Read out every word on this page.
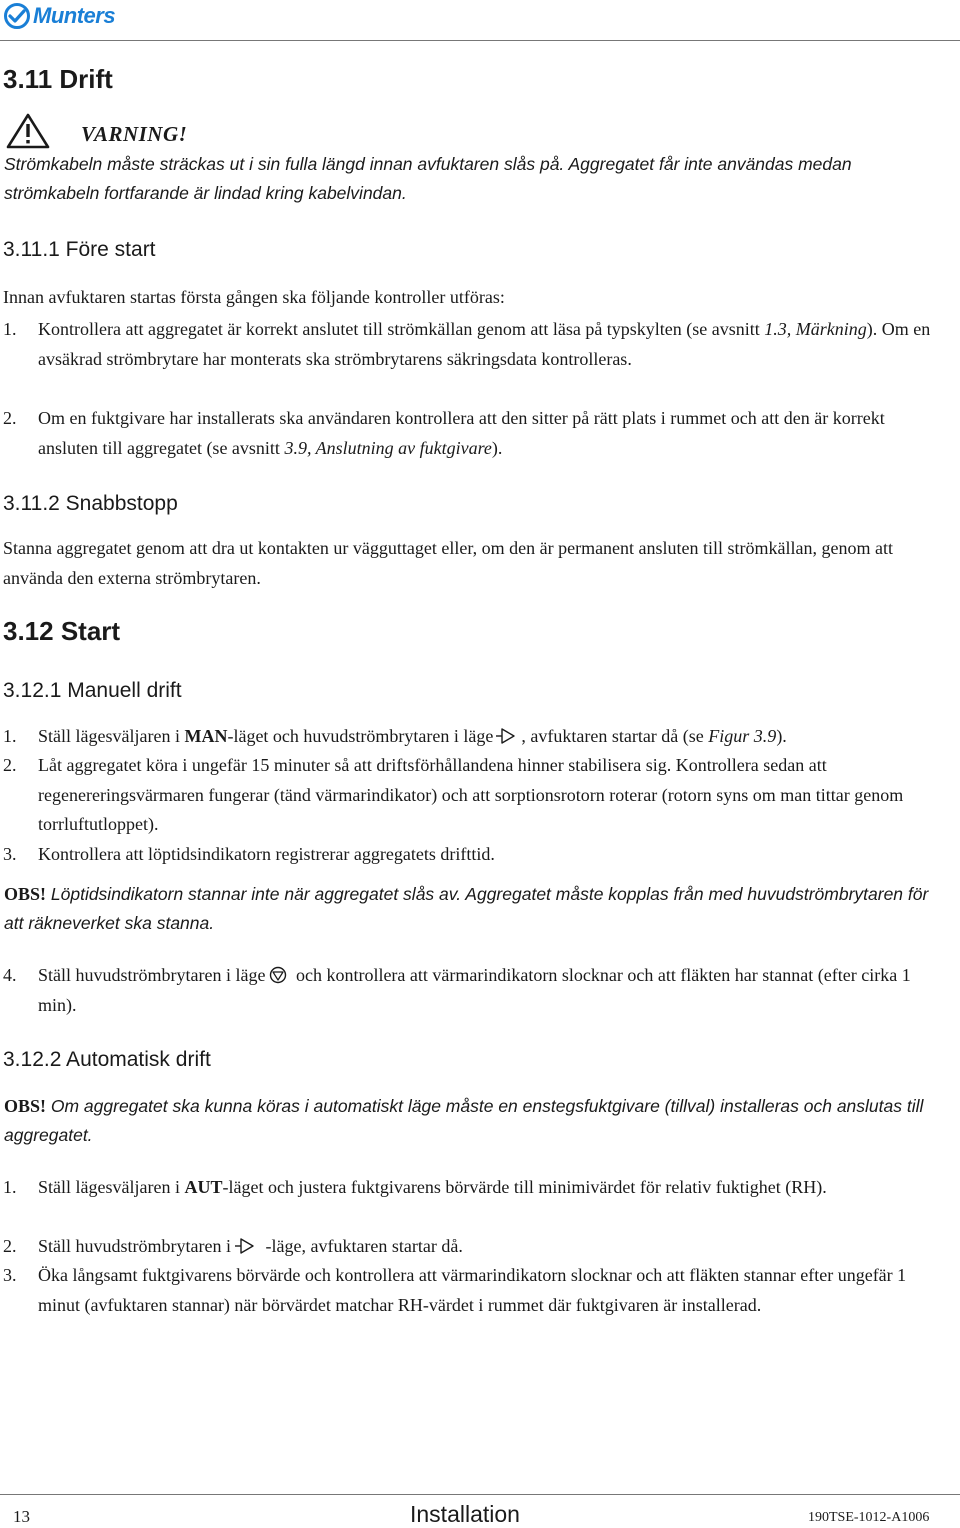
Munters
3.11 Drift
VARNING!
Strömkabeln måste sträckas ut i sin fulla längd innan avfuktaren slås på. Aggregatet får inte användas medan strömkabeln fortfarande är lindad kring kabelvindan.
3.11.1 Före start
Innan avfuktaren startas första gången ska följande kontroller utföras:
1.	Kontrollera att aggregatet är korrekt anslutet till strömkällan genom att läsa på typskylten (se avsnitt 1.3, Märkning). Om en avsäkrad strömbrytare har monterats ska strömbrytarens säkringsdata kontrolleras.
2.	Om en fuktgivare har installerats ska användaren kontrollera att den sitter på rätt plats i rummet och att den är korrekt ansluten till aggregatet (se avsnitt 3.9, Anslutning av fuktgivare).
3.11.2 Snabbstopp
Stanna aggregatet genom att dra ut kontakten ur vägguttaget eller, om den är permanent ansluten till strömkällan, genom att använda den externa strömbrytaren.
3.12 Start
3.12.1 Manuell drift
1.	Ställ lägesväljaren i MAN-läget och huvudströmbrytaren i läge , avfuktaren startar då (se Figur 3.9).
2.	Låt aggregatet köra i ungefär 15 minuter så att driftsförhållandena hinner stabilisera sig. Kontrollera sedan att regenereringsvärmaren fungerar (tänd värmarindikator) och att sorptionsrotorn roterar (rotorn syns om man tittar genom torrluftutloppet).
3.	Kontrollera att löptidsindikatorn registrerar aggregatets drifttid.
OBS! Löptidsindikatorn stannar inte när aggregatet slås av. Aggregatet måste kopplas från med huvudströmbrytaren för att räkneverket ska stanna.
4.	Ställ huvudströmbrytaren i läge och kontrollera att värmarindikatorn slocknar och att fläkten har stannat (efter cirka 1 min).
3.12.2 Automatisk drift
OBS! Om aggregatet ska kunna köras i automatiskt läge måste en enstegsfuktgivare (tillval) installeras och anslutas till aggregatet.
1.	Ställ lägesväljaren i AUT-läget och justera fuktgivarens börvärde till minimivärdet för relativ fuktighet (RH).
2.	Ställ huvudströmbrytaren i -läge, avfuktaren startar då.
3.	Öka långsamt fuktgivarens börvärde och kontrollera att värmarindikatorn slocknar och att fläkten stannar efter ungefär 1 minut (avfuktaren stannar) när börvärdet matchar RH-värdet i rummet där fuktgivaren är installerad.
13	Installation	190TSE-1012-A1006
